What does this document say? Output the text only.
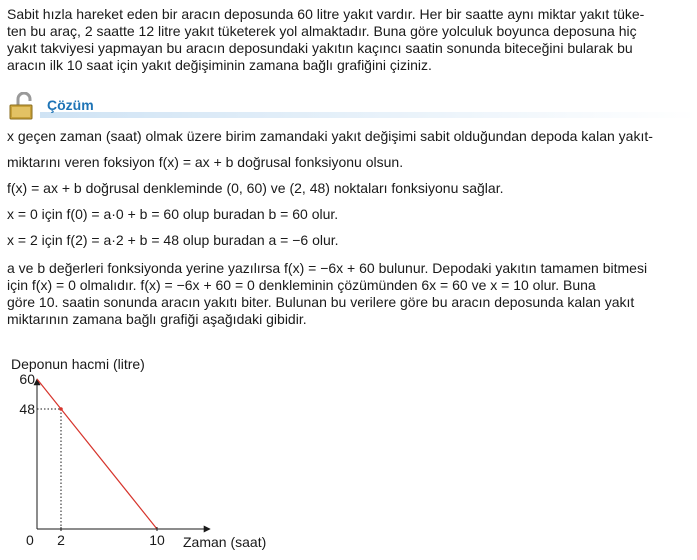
Sabit hızla hareket eden bir aracın deposunda 60 litre yakıt vardır. Her bir saatte aynı miktar yakıt tüke-
ten bu araç, 2 saatte 12 litre yakıt tüketerek yol almaktadır. Buna göre yolculuk boyunca deposuna hiç
yakıt takviyesi yapmayan bu aracın deposundaki yakıtın kaçıncı saatin sonunda biteceğini bularak bu
aracın ilk 10 saat için yakıt değişiminin zamana bağlı grafiğini çiziniz.
Çözüm
x geçen zaman (saat) olmak üzere birim zamandaki yakıt değişimi sabit olduğundan depoda kalan yakıt-
miktarını veren foksiyon f(x) = ax + b doğrusal fonksiyonu olsun.
f(x) = ax + b doğrusal denkleminde (0, 60) ve (2, 48) noktaları fonksiyonu sağlar.
x = 0 için f(0) = a·0 + b = 60 olup buradan b = 60 olur.
x = 2 için f(2) = a·2 + b = 48 olup buradan a = −6 olur.
a ve b değerleri fonksiyonda yerine yazılırsa f(x) = −6x + 60 bulunur. Depodaki yakıtın tamamen bitmesi
için f(x) = 0 olmalıdır. f(x) = −6x + 60 = 0 denkleminin çözümünden 6x = 60 ve x = 10 olur. Buna
göre 10. saatin sonunda aracın yakıtı biter. Bulunan bu verilere göre bu aracın deposunda kalan yakıt
miktarının zamana bağlı grafiği aşağıdaki gibidir.
Deponun hacmi (litre)
0 2	10
60
48
Zaman (saat)
